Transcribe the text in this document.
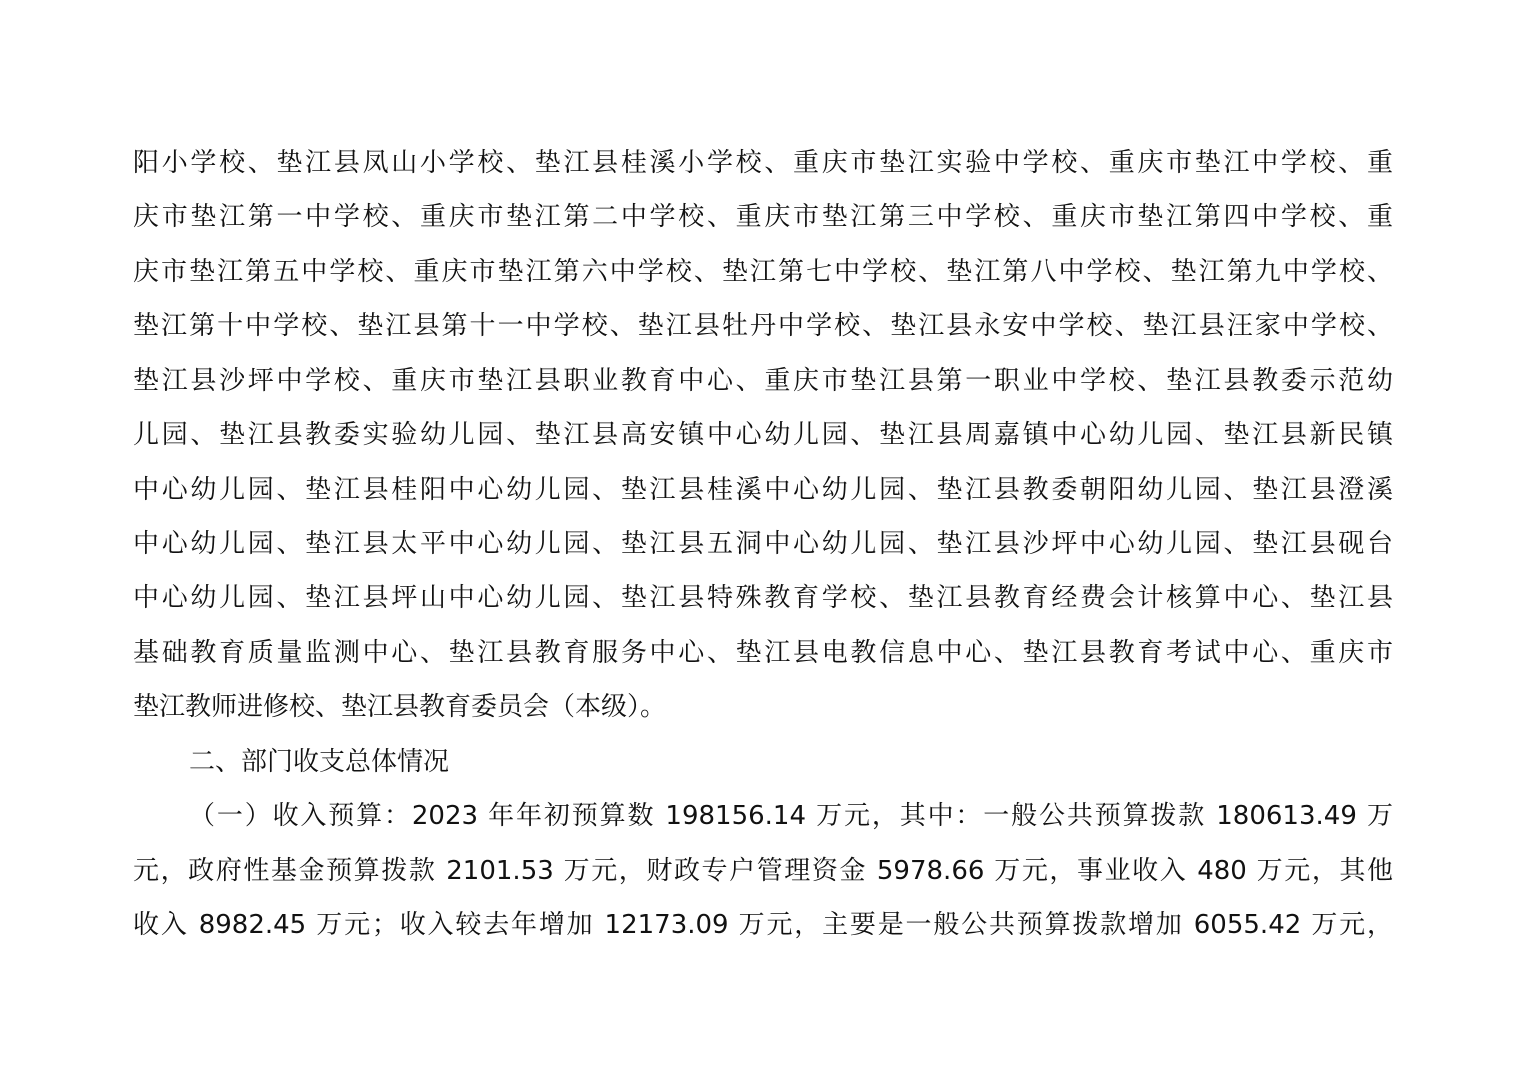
阳小学校、垫江县凤山小学校、垫江县桂溪小学校、重庆市垫江实验中学校、重庆市垫江中学校、重
庆市垫江第一中学校、重庆市垫江第二中学校、重庆市垫江第三中学校、重庆市垫江第四中学校、重
庆市垫江第五中学校、重庆市垫江第六中学校、垫江第七中学校、垫江第八中学校、垫江第九中学校、
垫江第十中学校、垫江县第十一中学校、垫江县牡丹中学校、垫江县永安中学校、垫江县汪家中学校、
垫江县沙坪中学校、重庆市垫江县职业教育中心、重庆市垫江县第一职业中学校、垫江县教委示范幼
儿园、垫江县教委实验幼儿园、垫江县高安镇中心幼儿园、垫江县周嘉镇中心幼儿园、垫江县新民镇
中心幼儿园、垫江县桂阳中心幼儿园、垫江县桂溪中心幼儿园、垫江县教委朝阳幼儿园、垫江县澄溪
中心幼儿园、垫江县太平中心幼儿园、垫江县五洞中心幼儿园、垫江县沙坪中心幼儿园、垫江县砚台
中心幼儿园、垫江县坪山中心幼儿园、垫江县特殊教育学校、垫江县教育经费会计核算中心、垫江县
基础教育质量监测中心、垫江县教育服务中心、垫江县电教信息中心、垫江县教育考试中心、重庆市
垫江教师进修校、垫江县教育委员会（本级）。
二、部门收支总体情况
（一）收入预算：2023 年年初预算数 198156.14 万元，其中：一般公共预算拨款 180613.49 万
元，政府性基金预算拨款 2101.53 万元，财政专户管理资金 5978.66 万元，事业收入 480 万元，其他
收入 8982.45 万元；收入较去年增加 12173.09 万元，主要是一般公共预算拨款增加 6055.42 万元，
